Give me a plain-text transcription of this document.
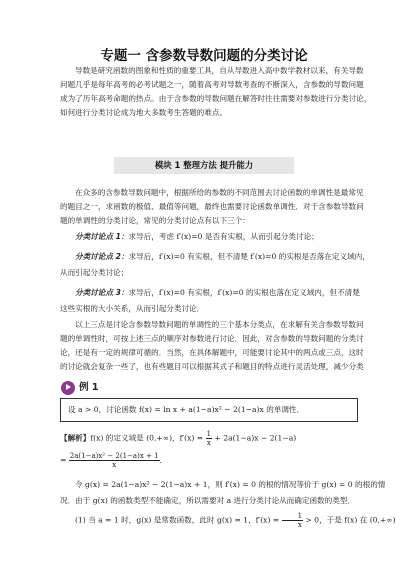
专题一 含参数导数问题的分类讨论
导数是研究函数的图象和性质的重要工具，自从导数进入高中数学教材以来，有关导数
问题几乎是每年高考的必考试题之一，随着高考对导数考查的不断深入，含参数的导数问题
成为了历年高考命题的热点。由于含参数的导数问题在解答时往往需要对参数进行分类讨论，
如何进行分类讨论成为地大多数考生答题的难点。
模块 1 整理方法 提升能力
在众多的含参数导数问题中，根据所给的参数的不同范围去讨论函数的单调性是最常见
的题目之一，求函数的极值、最值等问题，最终也需要讨论函数单调性．对于含参数导数问
题的单调性的分类讨论，常见的分类讨论点有以下三个：
分类讨论点 1：求导后，考虑 f′(x)=0 是否有实根，从而引起分类讨论；
分类讨论点 2：求导后，f′(x)=0 有实根，但不清楚 f′(x)=0 的实根是否落在定义域内，
从而引起分类讨论；
分类讨论点 3：求导后，f′(x)=0 有实根，f′(x)=0 的实根也落在定义域内，但不清楚
这些实根的大小关系，从而引起分类讨论．
以上三点是讨论含参数导数问题的单调性的三个基本分类点，在求解有关含参数导数问
题的单调性时，可按上述三点的顺序对参数进行讨论．因此，对含参数的导数问题的分类讨
论，还是有一定的规律可循的．当然，在具体解题中，可能要讨论其中的两点或三点，这时
的讨论就会复杂一些了，也有些题目可以根据其式子和题目的特点进行灵活处理，减少分类
例 1
设 a > 0，讨论函数 f(x) = ln x + a(1−a)x² − 2(1−a)x 的单调性．
【解析】f(x) 的定义域是 (0,+∞)，$f'(x) = \frac{1}{x} + 2a(1-a)x - 2(1-a)$
= $\frac{\text{2a(1−a)x² − 2(1−a)x + 1}}{x}$ ．
令 g(x) = 2a(1−a)x² − 2(1−a)x + 1，则 f′(x) = 0 的根的情况等价于 g(x) = 0 的根的情
况．由于 g(x) 的函数类型不能确定，所以需要对 a 进行分类讨论从而确定函数的类型．
(1) 当 a = 1 时，g(x) 是常数函数，此时 g(x) = 1，$f'(x) = \frac{1}{x} > 0$，于是 f(x) 在 (0,+∞)
